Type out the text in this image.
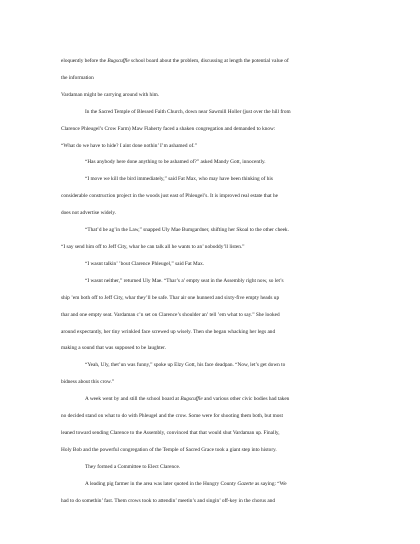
eloquently before the Bugscuffle school board about the problem, discussing at length the potential value of
the information
Vardaman might be carrying around with him.
In the Sacred Temple of Blessed Faith Church, down near Sawmill Holler (just over the hill from
Clarence Phleugel’s Crow Farm) Maw Flaherty faced a shaken congregation and demanded to know:
“What do we have to hide? I aint done nothin’ I’m ashamed of.”
“Has anybody here done anything to be ashamed of?” asked Mandy Gott, innocently.
“I move we kill the bird immediately,” said Fat Max, who may have been thinking of his
considerable construction project in the woods just east of Phleugel’s. It is improved real estate that he
does not advertise widely.
“That’d be ag’in the Law,” snapped Uly Mae Bumgardner, shifting her Skoal to the other cheek.
“I say send him off to Jeff City, whar he can talk all he wants to an’ noboddy’ll listen.”
“I wasnt talkin’ ’bout Clarence Phleugel,” said Fat Max.
“I wasnt neither,” returned Uly Mae. “Thar’s a’ empty seat in the Assembly right now, so let’s
ship ’em both off to Jeff City, whar they’ll be safe. Thar air one hunnerd and sixty-five empty heads up
thar and one empty seat. Vardaman c’n set on Clarence’s shoulder an’ tell ’em what to say.” She looked
around expectantly, her tiny wrinkled face screwed up wisely. Then she began whacking her legs and
making a sound that was supposed to be laughter.
“Yeah, Uly, thet’un was funny,” spoke up Elzy Gott, his face deadpan. “Now, let’s get down to
bidness about this crow.”
A week went by and still the school board at Bugscuffle and various other civic bodies had taken
no decided stand on what to do with Phleugel and the crow. Some were for shooting them both, but most
leaned toward sending Clarence to the Assembly, convinced that that would shut Vardaman up. Finally,
Holy Bob and the powerful congregation of the Temple of Sacred Grace took a giant step into history.
They formed a Committee to Elect Clarence.
A leading pig farmer in the area was later quoted in the Hungry County Gazette as saying: “We
had to do somethin’ fast. Them crows took to attendin’ meetin’s and singin’ off-key in the chorus and
